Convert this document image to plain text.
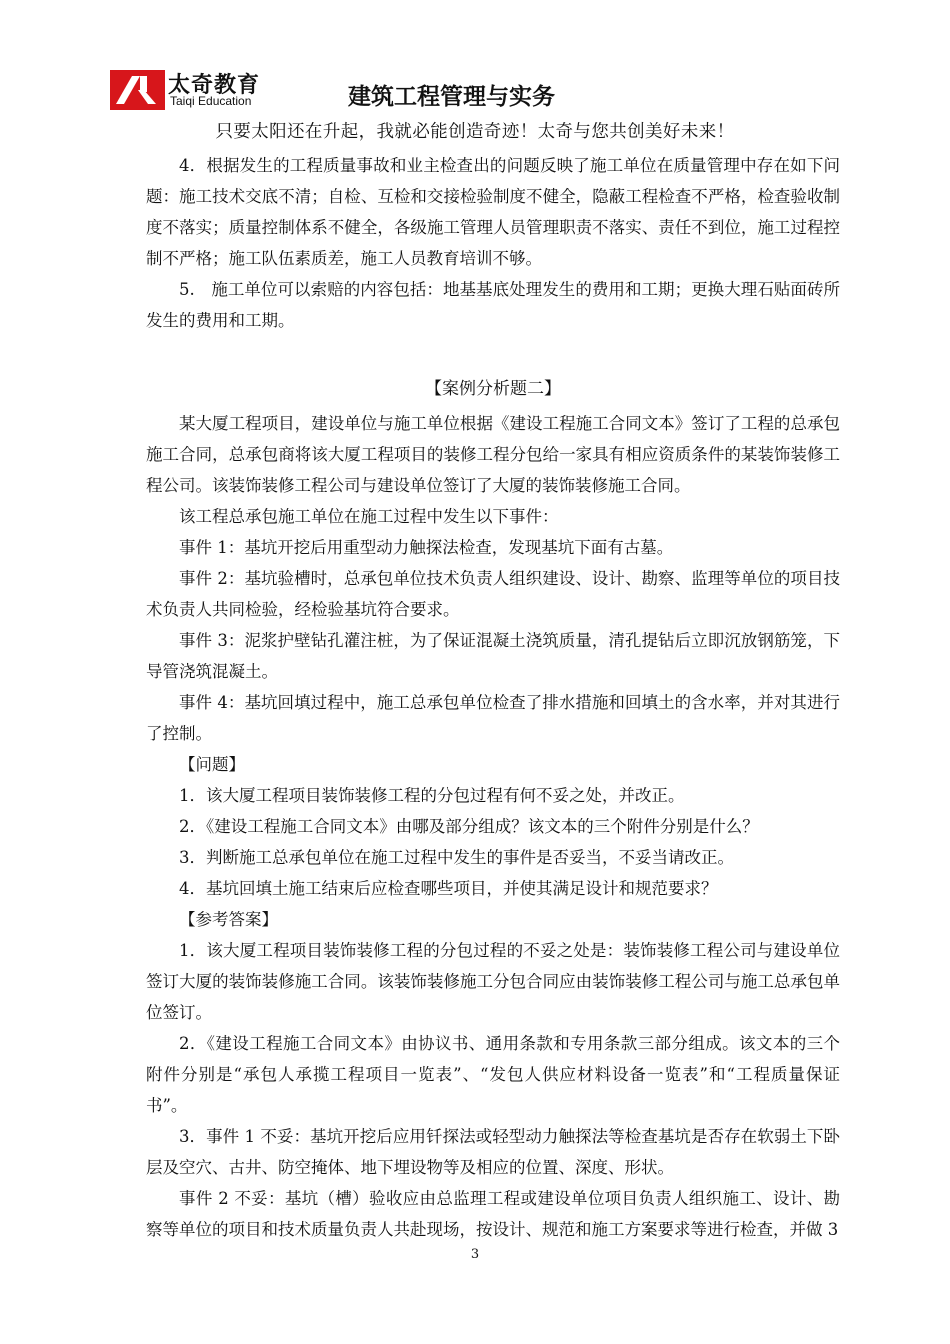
太奇教育
Taiqi Education	建筑工程管理与实务
只要太阳还在升起，我就必能创造奇迹！太奇与您共创美好未来！

4．根据发生的工程质量事故和业主检查出的问题反映了施工单位在质量管理中存在如下问题：施工技术交底不清；自检、互检和交接检验制度不健全，隐蔽工程检查不严格，检查验收制度不落实；质量控制体系不健全，各级施工管理人员管理职责不落实、责任不到位，施工过程控制不严格；施工队伍素质差，施工人员教育培训不够。

5.　施工单位可以索赔的内容包括：地基基底处理发生的费用和工期；更换大理石贴面砖所发生的费用和工期。

【案例分析题二】

某大厦工程项目，建设单位与施工单位根据《建设工程施工合同文本》签订了工程的总承包施工合同，总承包商将该大厦工程项目的装修工程分包给一家具有相应资质条件的某装饰装修工程公司。该装饰装修工程公司与建设单位签订了大厦的装饰装修施工合同。

该工程总承包施工单位在施工过程中发生以下事件：

事件 1：基坑开挖后用重型动力触探法检查，发现基坑下面有古墓。

事件 2：基坑验槽时，总承包单位技术负责人组织建设、设计、勘察、监理等单位的项目技术负责人共同检验，经检验基坑符合要求。

事件 3：泥浆护壁钻孔灌注桩，为了保证混凝土浇筑质量，清孔提钻后立即沉放钢筋笼，下导管浇筑混凝土。

事件 4：基坑回填过程中，施工总承包单位检查了排水措施和回填土的含水率，并对其进行了控制。

【问题】

1．该大厦工程项目装饰装修工程的分包过程有何不妥之处，并改正。

2．《建设工程施工合同文本》由哪及部分组成？该文本的三个附件分别是什么？

3．判断施工总承包单位在施工过程中发生的事件是否妥当，不妥当请改正。

4．基坑回填土施工结束后应检查哪些项目，并使其满足设计和规范要求？

【参考答案】

1．该大厦工程项目装饰装修工程的分包过程的不妥之处是：装饰装修工程公司与建设单位签订大厦的装饰装修施工合同。该装饰装修施工分包合同应由装饰装修工程公司与施工总承包单位签订。

2．《建设工程施工合同文本》由协议书、通用条款和专用条款三部分组成。该文本的三个附件分别是“承包人承揽工程项目一览表”、“发包人供应材料设备一览表”和“工程质量保证书”。

3．事件 1 不妥：基坑开挖后应用钎探法或轻型动力触探法等检查基坑是否存在软弱土下卧层及空穴、古井、防空掩体、地下埋设物等及相应的位置、深度、形状。

事件 2 不妥：基坑（槽）验收应由总监理工程或建设单位项目负责人组织施工、设计、勘察等单位的项目和技术质量负责人共赴现场，按设计、规范和施工方案要求等进行检查，并做 3

3
